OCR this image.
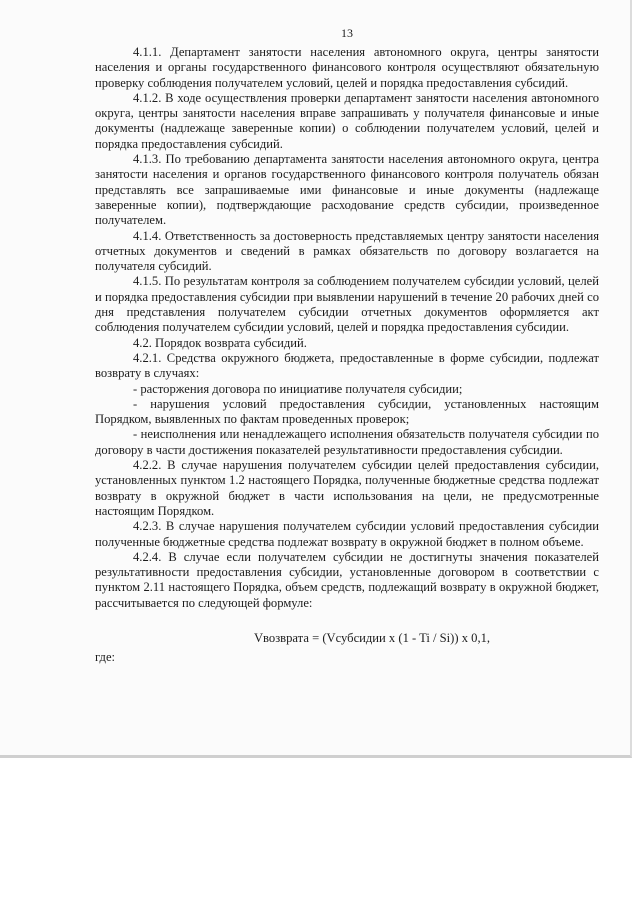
13

4.1.1. Департамент занятости населения автономного округа, центры занятости населения и органы государственного финансового контроля осуществляют обязательную проверку соблюдения получателем условий, целей и порядка предоставления субсидий.

4.1.2. В ходе осуществления проверки департамент занятости населения автономного округа, центры занятости населения вправе запрашивать у получателя финансовые и иные документы (надлежаще заверенные копии) о соблюдении получателем условий, целей и порядка предоставления субсидий.

4.1.3. По требованию департамента занятости населения автономного округа, центра занятости населения и органов государственного финансового контроля получатель обязан представлять все запрашиваемые ими финансовые и иные документы (надлежаще заверенные копии), подтверждающие расходование средств субсидии, произведенное получателем.

4.1.4. Ответственность за достоверность представляемых центру занятости населения отчетных документов и сведений в рамках обязательств по договору возлагается на получателя субсидий.

4.1.5. По результатам контроля за соблюдением получателем субсидии условий, целей и порядка предоставления субсидии при выявлении нарушений в течение 20 рабочих дней со дня представления получателем субсидии отчетных документов оформляется акт соблюдения получателем субсидии условий, целей и порядка предоставления субсидии.

4.2. Порядок возврата субсидий.

4.2.1. Средства окружного бюджета, предоставленные в форме субсидии, подлежат возврату в случаях:

- расторжения договора по инициативе получателя субсидии;

- нарушения условий предоставления субсидии, установленных настоящим Порядком, выявленных по фактам проведенных проверок;

- неисполнения или ненадлежащего исполнения обязательств получателя субсидии по договору в части достижения показателей результативности предоставления субсидии.

4.2.2. В случае нарушения получателем субсидии целей предоставления субсидии, установленных пунктом 1.2 настоящего Порядка, полученные бюджетные средства подлежат возврату в окружной бюджет в части использования на цели, не предусмотренные настоящим Порядком.

4.2.3. В случае нарушения получателем субсидии условий предоставления субсидии полученные бюджетные средства подлежат возврату в окружной бюджет в полном объеме.

4.2.4. В случае если получателем субсидии не достигнуты значения показателей результативности предоставления субсидии, установленные договором в соответствии с пунктом 2.11 настоящего Порядка, объем средств, подлежащий возврату в окружной бюджет, рассчитывается по следующей формуле:

Vвозврата = (Vсубсидии x (1 - Ti / Si)) x 0,1,

где:
